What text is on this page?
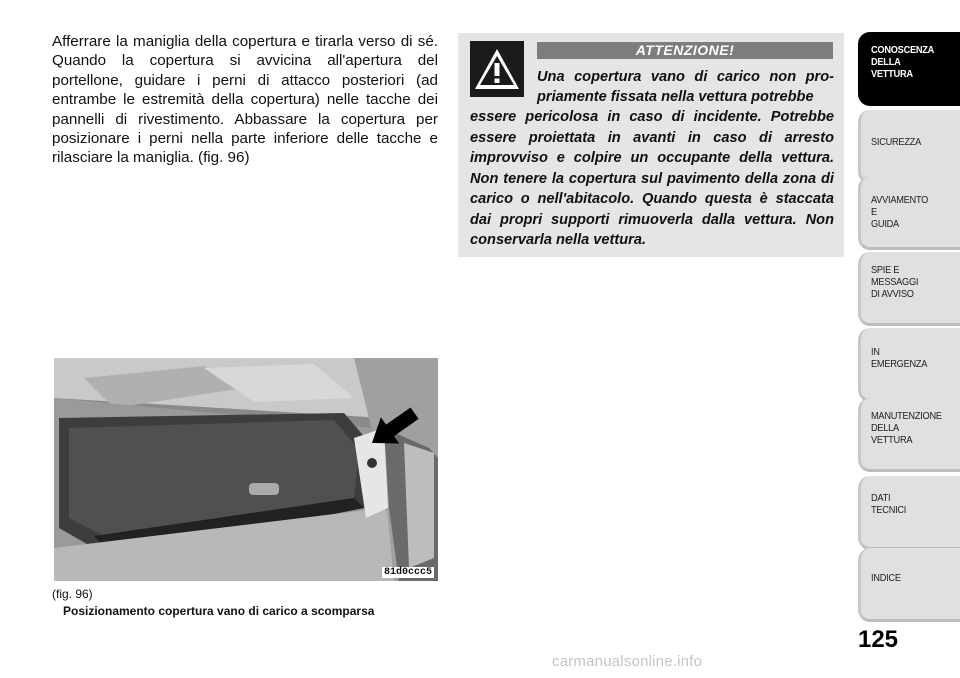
Afferrare la maniglia della copertura e tirarla verso di sé. Quando la copertura si avvicina all'apertura del portellone, guidare i perni di attacco posteriori (ad entrambe le estremità della copertura) nelle tacche dei pannelli di rivestimento. Abbassare la copertura per posizionare i perni nella parte inferiore delle tacche e rilasciare la maniglia. (fig. 96)

ATTENZIONE!

Una copertura vano di carico non pro- priamente fissata nella vettura potrebbe

essere pericolosa in caso di incidente. Potrebbe essere proiettata in avanti in caso di arresto improvviso e colpire un occupante della vettura. Non tenere la copertura sul pavimento della zona di carico o nell'abitacolo. Quando questa è staccata dai propri supporti rimuoverla dalla vettura. Non conservarla nella vettura.

81d0ccc5

(fig. 96)

Posizionamento copertura vano di carico a scomparsa

CONOSCENZA
DELLA
VETTURA
SICUREZZA
AVVIAMENTO
E
GUIDA
SPIE E
MESSAGGI
DI AVVISO
IN
EMERGENZA
MANUTENZIONE
DELLA
VETTURA
DATI
TECNICI
INDICE

125

carmanualsonline.info
